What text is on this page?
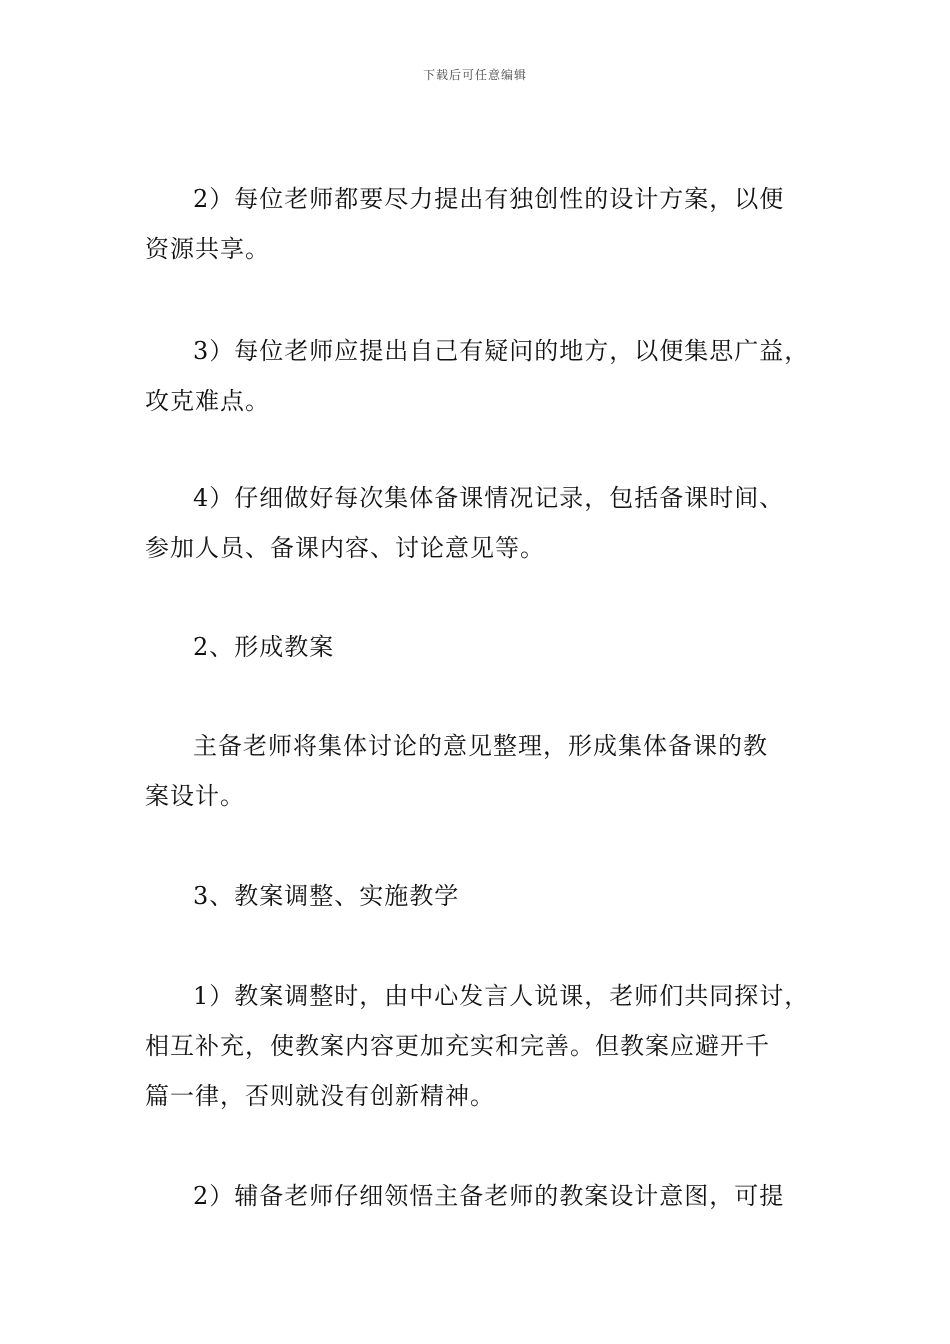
下载后可任意编辑
2）每位老师都要尽力提出有独创性的设计方案，以便
资源共享。
3）每位老师应提出自己有疑问的地方，以便集思广益，
攻克难点。
4）仔细做好每次集体备课情况记录，包括备课时间、
参加人员、备课内容、讨论意见等。
2、形成教案
主备老师将集体讨论的意见整理，形成集体备课的教
案设计。
3、教案调整、实施教学
1）教案调整时，由中心发言人说课，老师们共同探讨，
相互补充，使教案内容更加充实和完善。但教案应避开千
篇一律，否则就没有创新精神。
2）辅备老师仔细领悟主备老师的教案设计意图，可提
